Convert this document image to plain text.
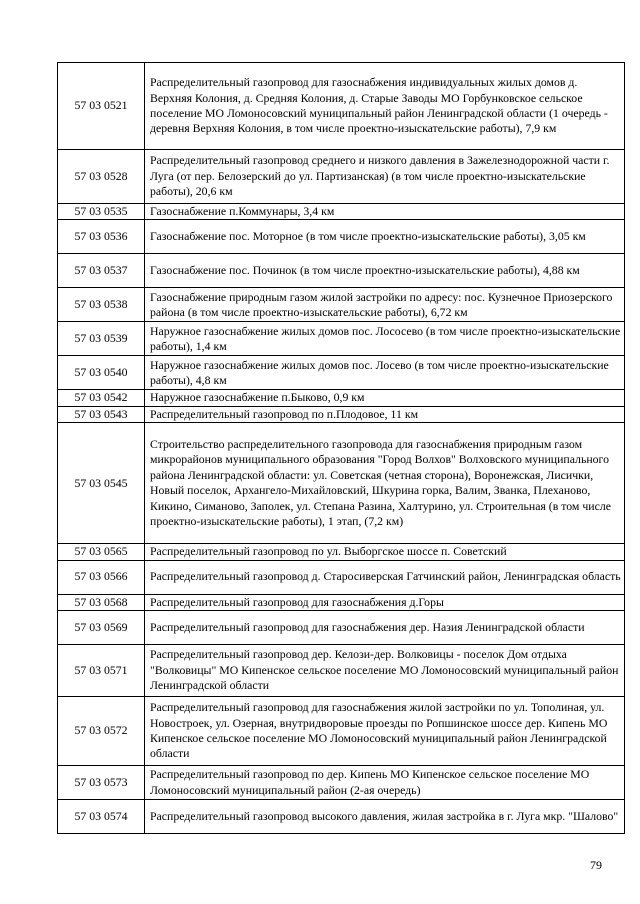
57 03 0521	Распределительный газопровод для газоснабжения индивидуальных жилых домов д. Верхняя Колония, д. Средняя Колония, д. Старые Заводы МО Горбунковское сельское поселение МО Ломоносовский муниципальный район Ленинградской области (1 очередь - деревня Верхняя Колония, в том числе проектно-изыскательские работы), 7,9 км
57 03 0528	Распределительный газопровод среднего и низкого давления в Зажелезнодорожной части г. Луга (от пер. Белозерский до ул. Партизанская) (в том числе проектно-изыскательские работы), 20,6 км
57 03 0535	Газоснабжение п.Коммунары, 3,4 км
57 03 0536	Газоснабжение пос. Моторное (в том числе проектно-изыскательские работы), 3,05 км
57 03 0537	Газоснабжение пос. Починок (в том числе проектно-изыскательские работы), 4,88 км
57 03 0538	Газоснабжение природным газом жилой застройки по адресу: пос. Кузнечное Приозерского района (в том числе проектно-изыскательские работы), 6,72 км
57 03 0539	Наружное газоснабжение жилых домов пос. Лососево (в том числе проектно-изыскательские работы), 1,4 км
57 03 0540	Наружное газоснабжение жилых домов пос. Лосево (в том числе проектно-изыскательские работы), 4,8 км
57 03 0542	Наружное газоснабжение п.Быково, 0,9 км
57 03 0543	Распределительный газопровод по п.Плодовое, 11 км
57 03 0545	Строительство распределительного газопровода для газоснабжения природным газом микрорайонов муниципального образования "Город Волхов" Волховского муниципального района Ленинградской области: ул. Советская (четная сторона), Воронежская, Лисички, Новый поселок, Архангело-Михайловский, Шкурина горка, Валим, Званка, Плеханово, Кикино, Симаново, Заполек, ул. Степана Разина, Халтурино, ул. Строительная (в том числе проектно-изыскательские работы), 1 этап, (7,2 км)
57 03 0565	Распределительный газопровод по ул. Выборгское шоссе п. Советский
57 03 0566	Распределительный газопровод д. Старосиверская Гатчинский район, Ленинградская область
57 03 0568	Распределительный газопровод для газоснабжения д.Горы
57 03 0569	Распределительный газопровод для газоснабжения дер. Назия Ленинградской области
57 03 0571	Распределительный газопровод дер. Келози-дер. Волковицы - поселок Дом отдыха "Волковицы" МО Кипенское сельское поселение МО Ломоносовский муниципальный район Ленинградской области
57 03 0572	Распределительный газопровод для газоснабжения жилой застройки по ул. Тополиная, ул. Новостроек, ул. Озерная, внутридворовые проезды по Ропшинское шоссе дер. Кипень МО Кипенское сельское поселение МО Ломоносовский муниципальный район Ленинградской области
57 03 0573	Распределительный газопровод по дер. Кипень МО Кипенское сельское поселение МО Ломоносовский муниципальный район (2-ая очередь)
57 03 0574	Распределительный газопровод высокого давления, жилая застройка в г. Луга мкр. "Шалово"
79
